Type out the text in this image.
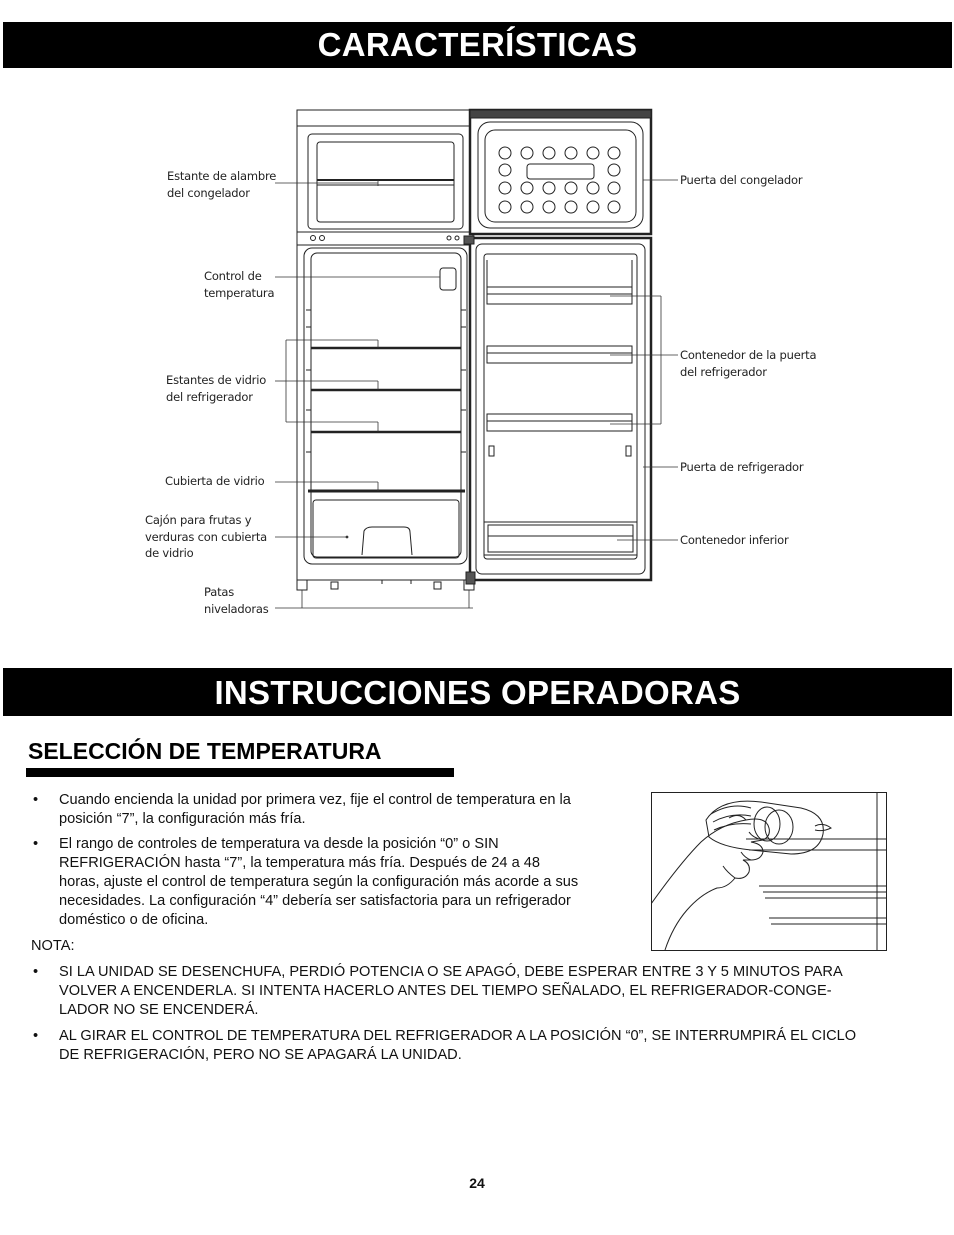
CARACTERÍSTICAS
Estante de alambre
del congelador
Control de
temperatura
Estantes de vidrio
del refrigerador
Cubierta de vidrio
Cajón para frutas y
verduras con cubierta
de vidrio
Patas
niveladoras
Puerta del congelador
Contenedor de la puerta
del refrigerador
Puerta de refrigerador
Contenedor inferior
INSTRUCCIONES OPERADORAS
SELECCIÓN DE TEMPERATURA
• Cuando encienda la unidad por primera vez, fije el control de temperatura en la
posición “7”, la configuración más fría.
• El rango de controles de temperatura va desde la posición “0” o SIN
REFRIGERACIÓN hasta “7”, la temperatura más fría. Después de 24 a 48
horas, ajuste el control de temperatura según la configuración más acorde a sus
necesidades. La configuración “4” debería ser satisfactoria para un refrigerador
doméstico o de oficina.
NOTA:
• SI LA UNIDAD SE DESENCHUFA, PERDIÓ POTENCIA O SE APAGÓ, DEBE ESPERAR ENTRE 3 Y 5 MINUTOS PARA
VOLVER A ENCENDERLA. SI INTENTA HACERLO ANTES DEL TIEMPO SEÑALADO, EL REFRIGERADOR-CONGE-
LADOR NO SE ENCENDERÁ.
• AL GIRAR EL CONTROL DE TEMPERATURA DEL REFRIGERADOR A LA POSICIÓN “0”, SE INTERRUMPIRÁ EL CICLO
DE REFRIGERACIÓN, PERO NO SE APAGARÁ LA UNIDAD.
24
